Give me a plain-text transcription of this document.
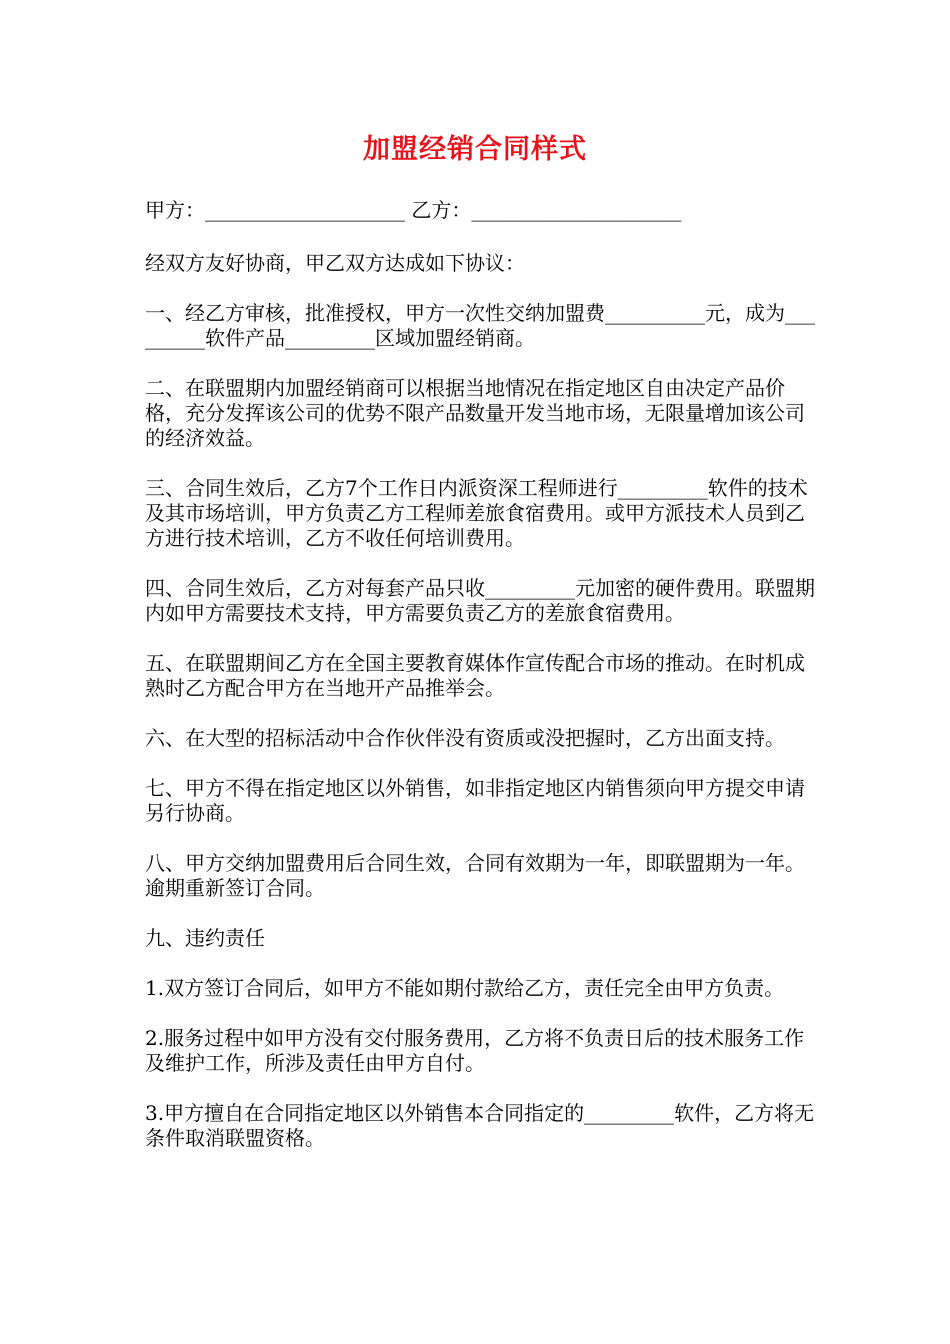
加盟经销合同样式

甲方：____________________ 乙方：_____________________

经双方友好协商，甲乙双方达成如下协议：

一、经乙方审核，批准授权，甲方一次性交纳加盟费__________元，成为_________软件产品_________区域加盟经销商。

二、在联盟期内加盟经销商可以根据当地情况在指定地区自由决定产品价格，充分发挥该公司的优势不限产品数量开发当地市场，无限量增加该公司的经济效益。

三、合同生效后，乙方7个工作日内派资深工程师进行_________软件的技术及其市场培训，甲方负责乙方工程师差旅食宿费用。或甲方派技术人员到乙方进行技术培训，乙方不收任何培训费用。

四、合同生效后，乙方对每套产品只收_________元加密的硬件费用。联盟期内如甲方需要技术支持，甲方需要负责乙方的差旅食宿费用。

五、在联盟期间乙方在全国主要教育媒体作宣传配合市场的推动。在时机成熟时乙方配合甲方在当地开产品推举会。

六、在大型的招标活动中合作伙伴没有资质或没把握时，乙方出面支持。

七、甲方不得在指定地区以外销售，如非指定地区内销售须向甲方提交申请另行协商。

八、甲方交纳加盟费用后合同生效，合同有效期为一年，即联盟期为一年。逾期重新签订合同。

九、违约责任

1.双方签订合同后，如甲方不能如期付款给乙方，责任完全由甲方负责。

2.服务过程中如甲方没有交付服务费用，乙方将不负责日后的技术服务工作及维护工作，所涉及责任由甲方自付。

3.甲方擅自在合同指定地区以外销售本合同指定的_________软件，乙方将无条件取消联盟资格。
